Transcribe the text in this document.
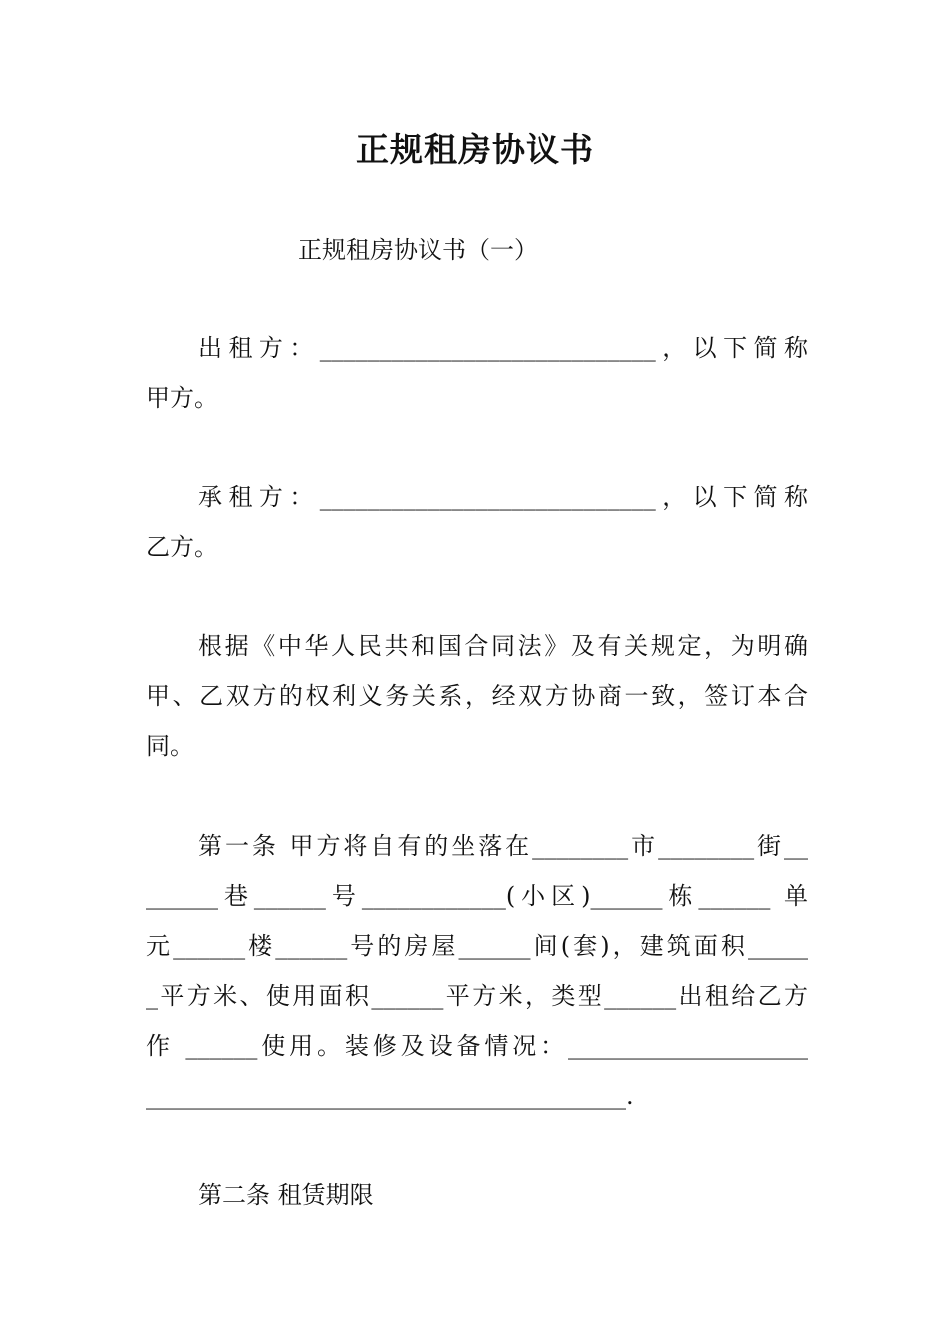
正规租房协议书
正规租房协议书（一）
出租方：____________________________，以下简称
甲方。
承租方：____________________________，以下简称
乙方。
根据《中华人民共和国合同法》及有关规定，为明确
甲、乙双方的权利义务关系，经双方协商一致，签订本合
同。
第一条 甲方将自有的坐落在________市________街__
______巷______号____________(小区)______栋______ 单
元______楼______号的房屋______间(套)，建筑面积_____
_平方米、使用面积______平方米，类型______出租给乙方
作 ______使用。装修及设备情况：____________________
________________________________________.
第二条 租赁期限
